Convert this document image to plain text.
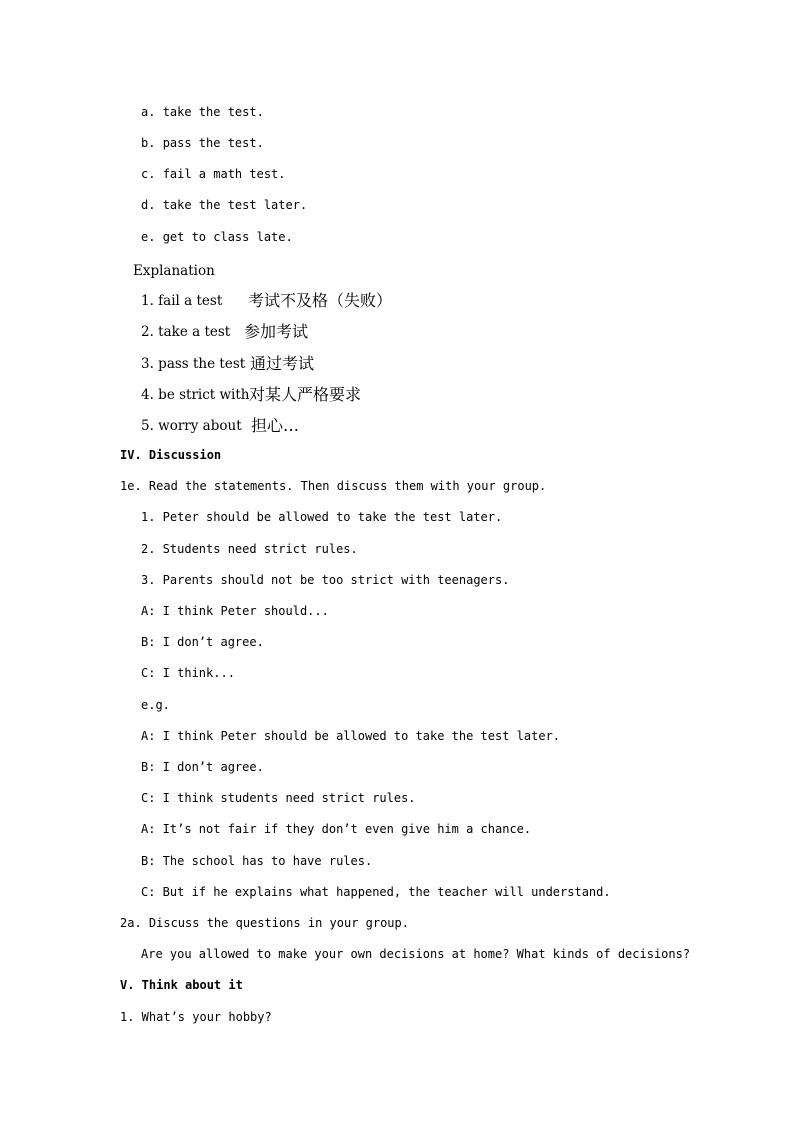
a. take the test.
b. pass the test.
c. fail a math test.
d. take the test later.
e. get to class late.
Explanation
1. fail a test 考试不及格（失败）
2. take a test 参加考试
3. pass the test 通过考试
4. be strict with 对某人严格要求
5. worry about 担心…
IV. Discussion
1e. Read the statements. Then discuss them with your group.
1. Peter should be allowed to take the test later.
2. Students need strict rules.
3. Parents should not be too strict with teenagers.
A: I think Peter should...
B: I don’t agree.
C: I think...
e.g.
A: I think Peter should be allowed to take the test later.
B: I don’t agree.
C: I think students need strict rules.
A: It’s not fair if they don’t even give him a chance.
B: The school has to have rules.
C: But if he explains what happened, the teacher will understand.
2a. Discuss the questions in your group.
Are you allowed to make your own decisions at home? What kinds of decisions?
V. Think about it
1. What’s your hobby?
